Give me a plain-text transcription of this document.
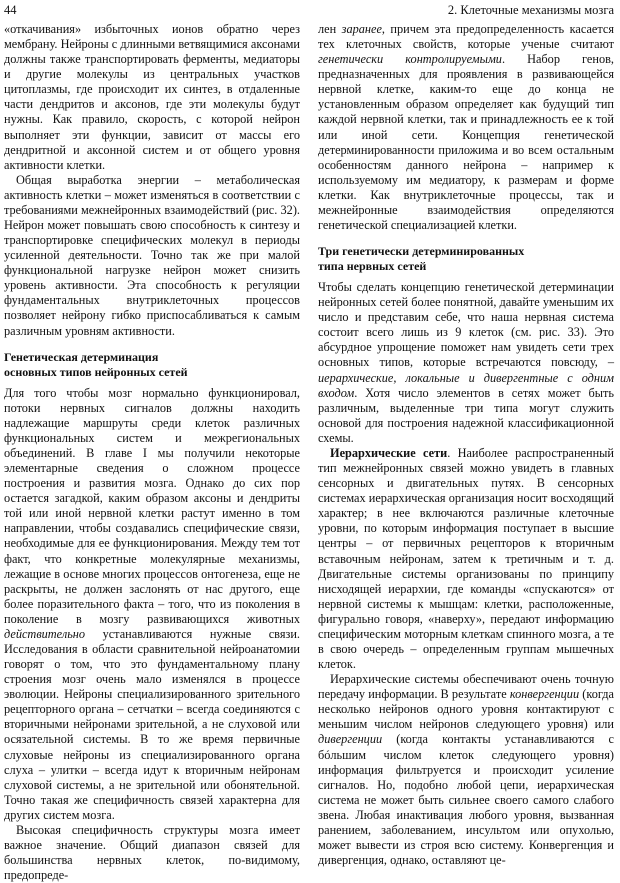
44	2. Клеточные механизмы мозга

«откачивания» избыточных ионов обратно через мембрану. Нейроны с длинными ветвящимися аксонами должны также транспортировать ферменты, медиаторы и другие молекулы из центральных участков цитоплазмы, где происходит их синтез, в отдаленные части дендритов и аксонов, где эти молекулы будут нужны. Как правило, скорость, с которой нейрон выполняет эти функции, зависит от массы его дендритной и аксонной систем и от общего уровня активности клетки.

Общая выработка энергии – метаболическая активность клетки – может изменяться в соответствии с требованиями межнейронных взаимодействий (рис. 32). Нейрон может повышать свою способность к синтезу и транспортировке специфических молекул в периоды усиленной деятельности. Точно так же при малой функциональной нагрузке нейрон может снизить уровень активности. Эта способность к регуляции фундаментальных внутриклеточных процессов позволяет нейрону гибко приспосабливаться к самым различным уровням активности.

Генетическая детерминация
основных типов нейронных сетей

Для того чтобы мозг нормально функционировал, потоки нервных сигналов должны находить надлежащие маршруты среди клеток различных функциональных систем и межрегиональных объединений. В главе I мы получили некоторые элементарные сведения о сложном процессе построения и развития мозга. Однако до сих пор остается загадкой, каким образом аксоны и дендриты той или иной нервной клетки растут именно в том направлении, чтобы создавались специфические связи, необходимые для ее функционирования. Между тем тот факт, что конкретные молекулярные механизмы, лежащие в основе многих процессов онтогенеза, еще не раскрыты, не должен заслонять от нас другого, еще более поразительного факта – того, что из поколения в поколение в мозгу развивающихся животных действительно устанавливаются нужные связи. Исследования в области сравнительной нейроанатомии говорят о том, что это фундаментальному плану строения мозг очень мало изменялся в процессе эволюции. Нейроны специализированного зрительного рецепторного органа – сетчатки – всегда соединяются с вторичными нейронами зрительной, а не слуховой или осязательной системы. В то же время первичные слуховые нейроны из специализированного органа слуха – улитки – всегда идут к вторичным нейронам слуховой системы, а не зрительной или обонятельной. Точно такая же специфичность связей характерна для других систем мозга.

Высокая специфичность структуры мозга имеет важное значение. Общий диапазон связей для большинства нервных клеток, по-видимому, предопреде-

лен заранее, причем эта предопределенность касается тех клеточных свойств, которые ученые считают генетически контролируемыми. Набор генов, предназначенных для проявления в развивающейся нервной клетке, каким-то еще до конца не установленным образом определяет как будущий тип каждой нервной клетки, так и принадлежность ее к той или иной сети. Концепция генетической детерминированности приложима и во всем остальным особенностям данного нейрона – например к используемому им медиатору, к размерам и форме клетки. Как внутриклеточные процессы, так и межнейронные взаимодействия определяются генетической специализацией клетки.

Три генетически детерминированных
типа нервных сетей

Чтобы сделать концепцию генетической детерминации нейронных сетей более понятной, давайте уменьшим их число и представим себе, что наша нервная система состоит всего лишь из 9 клеток (см. рис. 33). Это абсурдное упрощение поможет нам увидеть сети трех основных типов, которые встречаются повсюду, – иерархические, локальные и дивергентные с одним входом. Хотя число элементов в сетях может быть различным, выделенные три типа могут служить основой для построения надежной классификационной схемы.

Иерархические сети. Наиболее распространенный тип межнейронных связей можно увидеть в главных сенсорных и двигательных путях. В сенсорных системах иерархическая организация носит восходящий характер; в нее включаются различные клеточные уровни, по которым информация поступает в высшие центры – от первичных рецепторов к вторичным вставочным нейронам, затем к третичным и т. д. Двигательные системы организованы по принципу нисходящей иерархии, где команды «спускаются» от нервной системы к мышцам: клетки, расположенные, фигурально говоря, «наверху», передают информацию специфическим моторным клеткам спинного мозга, а те в свою очередь – определенным группам мышечных клеток.

Иерархические системы обеспечивают очень точную передачу информации. В результате конвергенции (когда несколько нейронов одного уровня контактируют с меньшим числом нейронов следующего уровня) или дивергенции (когда контакты устанавливаются с бóльшим числом клеток следующего уровня) информация фильтруется и происходит усиление сигналов. Но, подобно любой цепи, иерархическая система не может быть сильнее своего самого слабого звена. Любая инактивация любого уровня, вызванная ранением, заболеванием, инсультом или опухолью, может вывести из строя всю систему. Конвергенция и дивергенция, однако, оставляют це-
